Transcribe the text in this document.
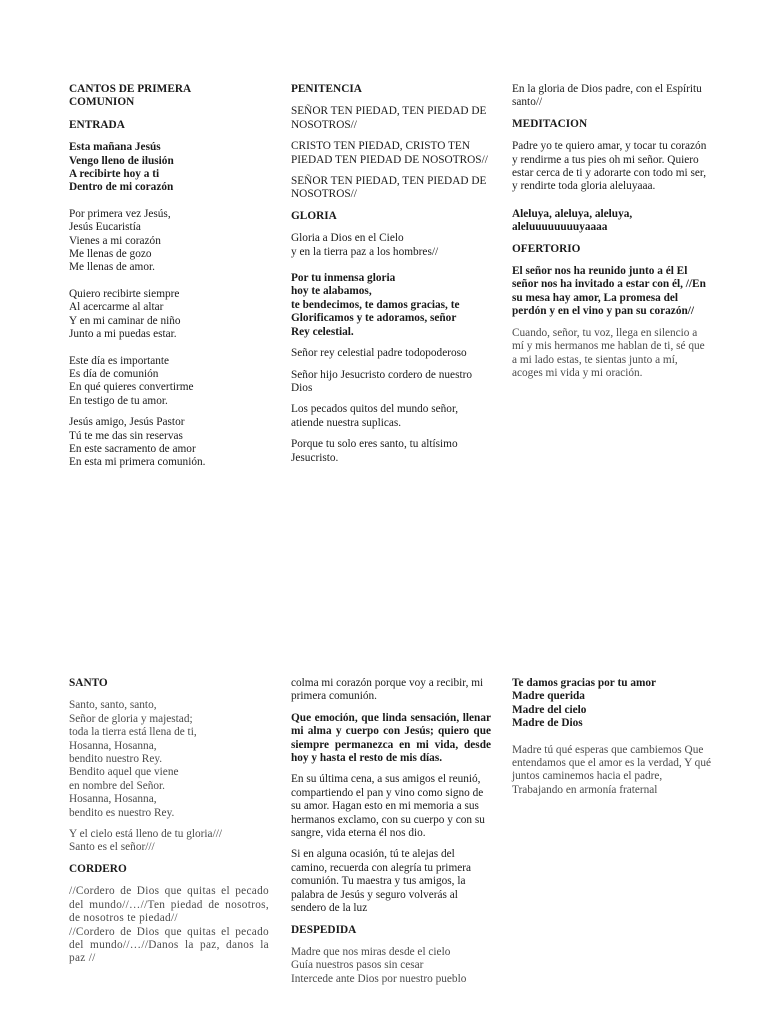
CANTOS DE PRIMERA
COMUNION
ENTRADA
Esta mañana Jesús
Vengo lleno de ilusión
A recibirte hoy a ti
Dentro de mi corazón
Por primera vez Jesús,
Jesús Eucaristía
Vienes a mi corazón
Me llenas de gozo
Me llenas de amor.
Quiero recibirte siempre
Al acercarme al altar
Y en mi caminar de niño
Junto a mi puedas estar.
Este día es importante
Es día de comunión
En qué quieres convertirme
En testigo de tu amor.
Jesús amigo, Jesús Pastor
Tú te me das sin reservas
En este sacramento de amor
En esta mi primera comunión.
PENITENCIA
SEÑOR TEN PIEDAD, TEN PIEDAD DE NOSOTROS//
CRISTO TEN PIEDAD, CRISTO TEN PIEDAD TEN PIEDAD DE NOSOTROS//
SEÑOR TEN PIEDAD, TEN PIEDAD DE NOSOTROS//
GLORIA
Gloria a Dios en el Cielo
y en la tierra paz a los hombres//
Por tu inmensa gloria
hoy te alabamos,
te bendecimos, te damos gracias, te
Glorificamos y te adoramos, señor
Rey celestial.
Señor rey celestial padre todopoderoso
Señor hijo Jesucristo cordero de nuestro Dios
Los pecados quitos del mundo señor,
atiende nuestra suplicas.
Porque tu solo eres santo, tu altísimo Jesucristo.
En la gloria de Dios padre, con el Espíritu santo//
MEDITACION
Padre yo te quiero amar, y tocar tu corazón y rendirme a tus pies oh mi señor. Quiero estar cerca de ti y adorarte con todo mi ser, y rendirte toda gloria aleluyaaa.
Aleluya, aleluya, aleluya,
aleluuuuuuuuyaaaa
OFERTORIO
El señor nos ha reunido junto a él El señor nos ha invitado a estar con él, //En su mesa hay amor, La promesa del perdón y en el vino y pan su corazón//
Cuando, señor, tu voz, llega en silencio a mí y mis hermanos me hablan de ti, sé que a mi lado estas, te sientas junto a mí,
acoges mi vida y mi oración.
SANTO
Santo, santo, santo,
Señor de gloria y majestad;
toda la tierra está llena de ti,
Hosanna, Hosanna,
bendito nuestro Rey.
Bendito aquel que viene
en nombre del Señor.
Hosanna, Hosanna,
bendito es nuestro Rey.
Y el cielo está lleno de tu gloria///
Santo es el señor///
CORDERO
//Cordero de Dios que quitas el pecado del mundo//…//Ten piedad de nosotros, de nosotros te piedad//
//Cordero de Dios que quitas el pecado del mundo//…//Danos la paz, danos la paz //
colma mi corazón porque voy a recibir, mi primera comunión.
Que emoción, que linda sensación, llenar mi alma y cuerpo con Jesús; quiero que siempre permanezca en mi vida, desde hoy y hasta el resto de mis días.
En su última cena, a sus amigos el reunió, compartiendo el pan y vino como signo de su amor. Hagan esto en mi memoria a sus hermanos exclamo, con su cuerpo y con su sangre, vida eterna él nos dio.
Si en alguna ocasión, tú te alejas del camino, recuerda con alegría tu primera comunión. Tu maestra y tus amigos, la palabra de Jesús y seguro volverás al sendero de la luz
DESPEDIDA
Madre que nos miras desde el cielo
Guía nuestros pasos sin cesar
Intercede ante Dios por nuestro pueblo
Te damos gracias por tu amor
Madre querida
Madre del cielo
Madre de Dios
Madre tú qué esperas que cambiemos Que entendamos que el amor es la verdad, Y qué juntos caminemos hacia el padre, Trabajando en armonía fraternal
